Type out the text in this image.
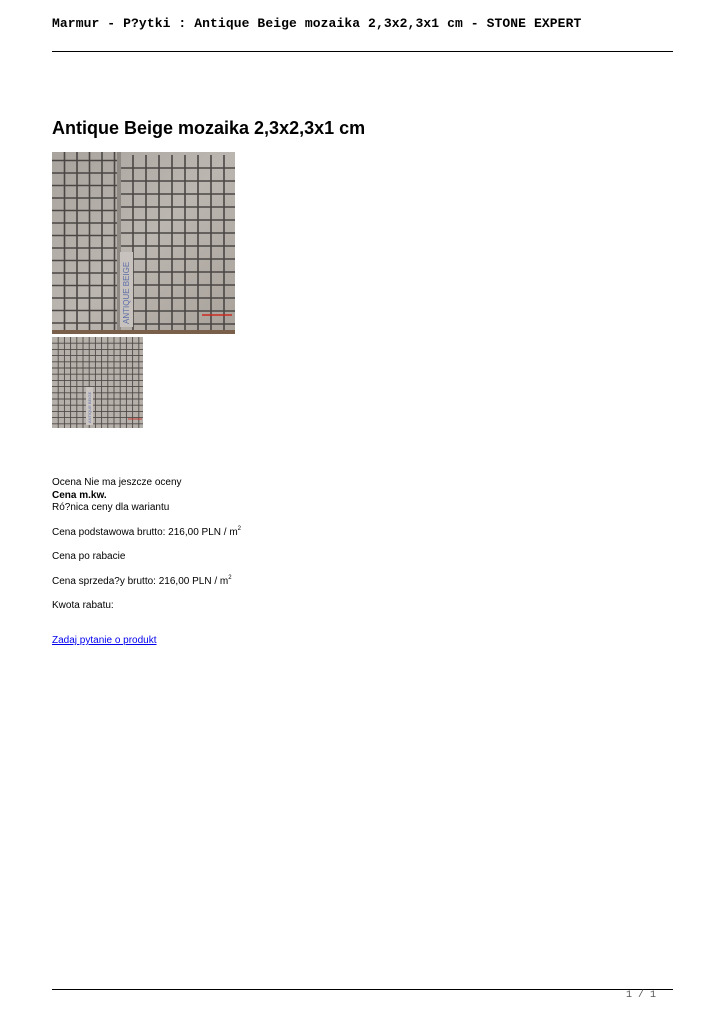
Marmur - P?ytki : Antique Beige mozaika 2,3x2,3x1 cm - STONE EXPERT
Antique Beige mozaika 2,3x2,3x1 cm
ANTIQUE BEIGE
ANTIQUE BEIGE
Ocena Nie ma jeszcze oceny
Cena m.kw.
Ró?nica ceny dla wariantu
Cena podstawowa brutto: 216,00 PLN / $m^2$
Cena po rabacie
Cena sprzeda?y brutto: 216,00 PLN / $m^2$
Kwota rabatu:
Zadaj pytanie o produkt
1 / 1
